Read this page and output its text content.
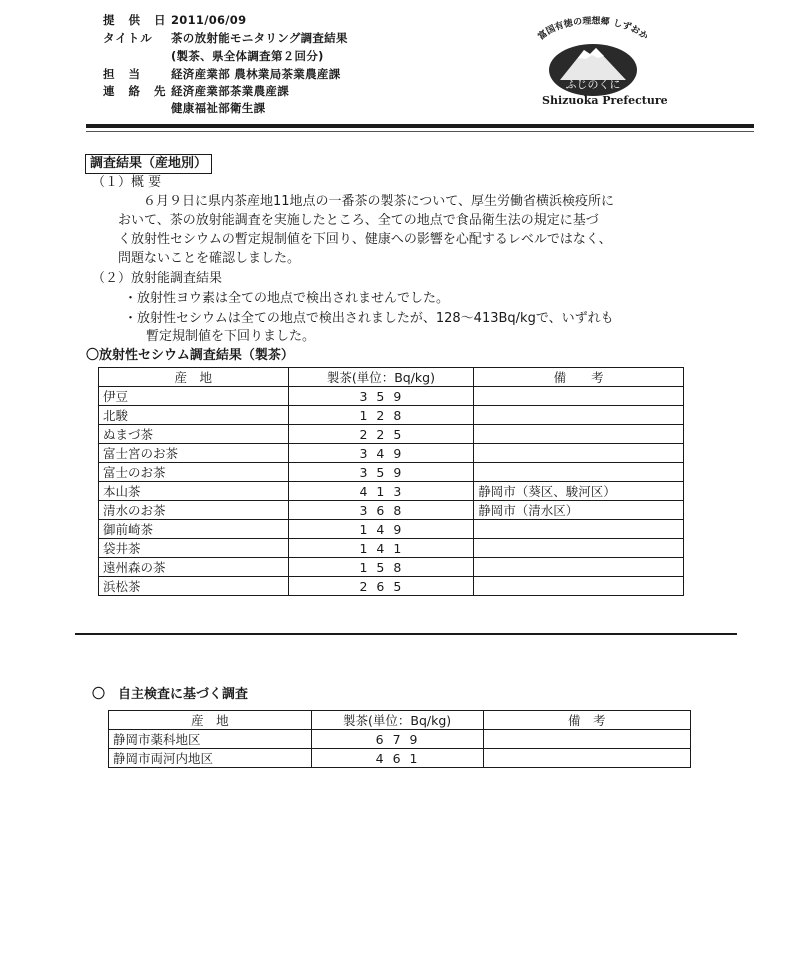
提 供 日2011/06/09
タイトル 茶の放射能モニタリング調査結果
(製茶、県全体調査第２回分)
担 当 経済産業部 農林業局茶業農産課
連 絡 先経済産業部茶業農産課
健康福祉部衛生課
富国有徳の理想郷 しずおか
ふじのくに
Shizuoka Prefecture
調査結果（産地別）
（１）概 要
６月９日に県内茶産地11地点の一番茶の製茶について、厚生労働省横浜検疫所に
おいて、茶の放射能調査を実施したところ、全ての地点で食品衛生法の規定に基づ
く放射性セシウムの暫定規制値を下回り、健康への影響を心配するレベルではなく、
問題ないことを確認しました。
（２）放射能調査結果
・放射性ヨウ素は全ての地点で検出されませんでした。
・放射性セシウムは全ての地点で検出されましたが、128～413Bq/kgで、いずれも
暫定規制値を下回りました。
〇放射性セシウム調査結果（製茶）
産　地	製茶(単位：Bq/kg)	備　　考
伊豆	359	
北駿	128	
ぬまづ茶	225	
富士宮のお茶	349	
富士のお茶	359	
本山茶	413	静岡市（葵区、駿河区）
清水のお茶	368	静岡市（清水区）
御前崎茶	149	
袋井茶	141	
遠州森の茶	158	
浜松茶	265	
〇　自主検査に基づく調査
産　地	製茶(単位：Bq/kg)	備　考
静岡市薬科地区	679	
静岡市両河内地区	461	
